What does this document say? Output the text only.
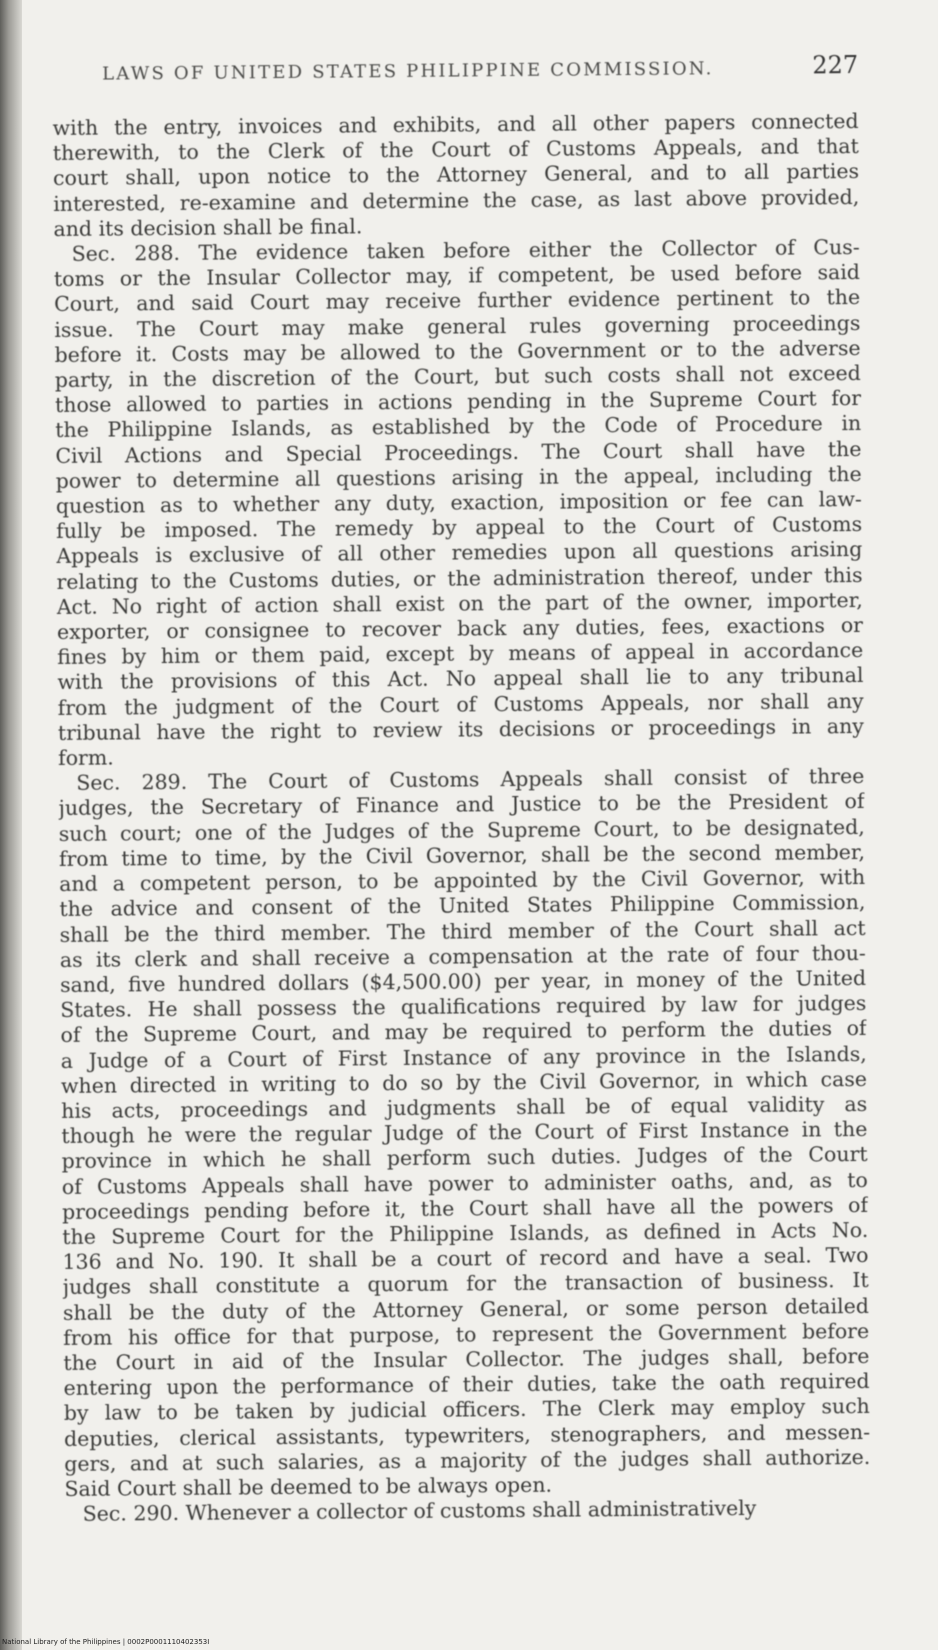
LAWS OF UNITED STATES PHILIPPINE COMMISSION.	227
with the entry, invoices and exhibits, and all other papers connected
therewith, to the Clerk of the Court of Customs Appeals, and that
court shall, upon notice to the Attorney General, and to all parties
interested, re-examine and determine the case, as last above provided,
and its decision shall be final.
Sec. 288. The evidence taken before either the Collector of Cus-
toms or the Insular Collector may, if competent, be used before said
Court, and said Court may receive further evidence pertinent to the
issue. The Court may make general rules governing proceedings
before it. Costs may be allowed to the Government or to the adverse
party, in the discretion of the Court, but such costs shall not exceed
those allowed to parties in actions pending in the Supreme Court for
the Philippine Islands, as established by the Code of Procedure in
Civil Actions and Special Proceedings. The Court shall have the
power to determine all questions arising in the appeal, including the
question as to whether any duty, exaction, imposition or fee can law-
fully be imposed. The remedy by appeal to the Court of Customs
Appeals is exclusive of all other remedies upon all questions arising
relating to the Customs duties, or the administration thereof, under this
Act. No right of action shall exist on the part of the owner, importer,
exporter, or consignee to recover back any duties, fees, exactions or
fines by him or them paid, except by means of appeal in accordance
with the provisions of this Act. No appeal shall lie to any tribunal
from the judgment of the Court of Customs Appeals, nor shall any
tribunal have the right to review its decisions or proceedings in any
form.
Sec. 289. The Court of Customs Appeals shall consist of three
judges, the Secretary of Finance and Justice to be the President of
such court; one of the Judges of the Supreme Court, to be designated,
from time to time, by the Civil Governor, shall be the second member,
and a competent person, to be appointed by the Civil Governor, with
the advice and consent of the United States Philippine Commission,
shall be the third member. The third member of the Court shall act
as its clerk and shall receive a compensation at the rate of four thou-
sand, five hundred dollars ($4,500.00) per year, in money of the United
States. He shall possess the qualifications required by law for judges
of the Supreme Court, and may be required to perform the duties of
a Judge of a Court of First Instance of any province in the Islands,
when directed in writing to do so by the Civil Governor, in which case
his acts, proceedings and judgments shall be of equal validity as
though he were the regular Judge of the Court of First Instance in the
province in which he shall perform such duties. Judges of the Court
of Customs Appeals shall have power to administer oaths, and, as to
proceedings pending before it, the Court shall have all the powers of
the Supreme Court for the Philippine Islands, as defined in Acts No.
136 and No. 190. It shall be a court of record and have a seal. Two
judges shall constitute a quorum for the transaction of business. It
shall be the duty of the Attorney General, or some person detailed
from his office for that purpose, to represent the Government before
the Court in aid of the Insular Collector. The judges shall, before
entering upon the performance of their duties, take the oath required
by law to be taken by judicial officers. The Clerk may employ such
deputies, clerical assistants, typewriters, stenographers, and messen-
gers, and at such salaries, as a majority of the judges shall authorize.
Said Court shall be deemed to be always open.
Sec. 290. Whenever a collector of customs shall administratively
National Library of the Philippines | 0002P0001110402353I
